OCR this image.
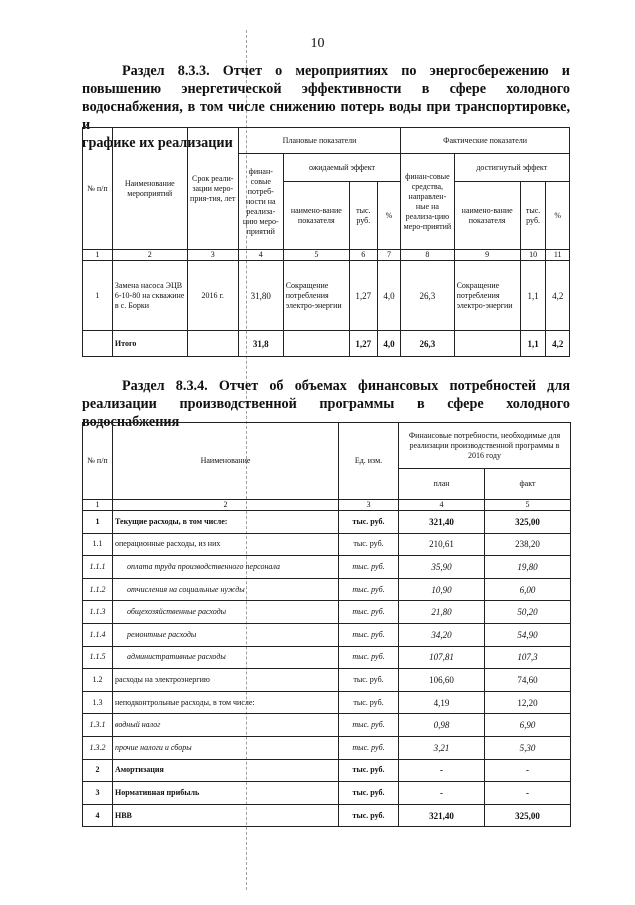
10
Раздел 8.3.3. Отчет о мероприятиях по энергосбережению и
повышению энергетической эффективности в сфере холодного
водоснабжения, в том числе снижению потерь воды при транспортировке, и
графике их реализации
№ п/п	Наименование мероприятий	Срок реали-зации меро-прия-тия, лет	Плановые показатели				Фактические показатели			
			финан-совые потреб-ности на реализа-цию меро-приятий	ожидаемый эффект			финан-совые средства, направлен-ные на реализа-цию меро-приятий	достигнутый эффект		
				наимено-вание показателя	тыс. руб.	%		наимено-вание показателя	тыс. руб.	%
1	2	3	4	5	6	7	8	9	10	11
1	Замена насоса ЭЦВ 6-10-80 на скважине в с. Борки	2016 г.	31,80	Сокращение потребления электро-энергии	1,27	4,0	26,3	Сокращение потребления электро-энергии	1,1	4,2
	Итого		31,8		1,27	4,0	26,3		1,1	4,2
Раздел 8.3.4. Отчет об объемах финансовых потребностей для
реализации производственной программы в сфере холодного
водоснабжения
№ п/п	Наименование	Ед. изм.	Финансовые потребности, необходимые для реализации производственной программы в 2016 году	
			план	факт
1	2	3	4	5
1	Текущие расходы, в том числе:	тыс. руб.	321,40	325,00
1.1	операционные расходы, из них	тыс. руб.	210,61	238,20
1.1.1	оплата труда производственного персонала	тыс. руб.	35,90	19,80
1.1.2	отчисления на социальные нужды	тыс. руб.	10,90	6,00
1.1.3	общехозяйственные расходы	тыс. руб.	21,80	50,20
1.1.4	ремонтные расходы	тыс. руб.	34,20	54,90
1.1.5	административные расходы	тыс. руб.	107,81	107,3
1.2	расходы на электроэнергию	тыс. руб.	106,60	74,60
1.3	неподконтрольные расходы, в том числе:	тыс. руб.	4,19	12,20
1.3.1	водный налог	тыс. руб.	0,98	6,90
1.3.2	прочие налоги и сборы	тыс. руб.	3,21	5,30
2	Амортизация	тыс. руб.	-	-
3	Нормативная прибыль	тыс. руб.	-	-
4	НВВ	тыс. руб.	321,40	325,00
